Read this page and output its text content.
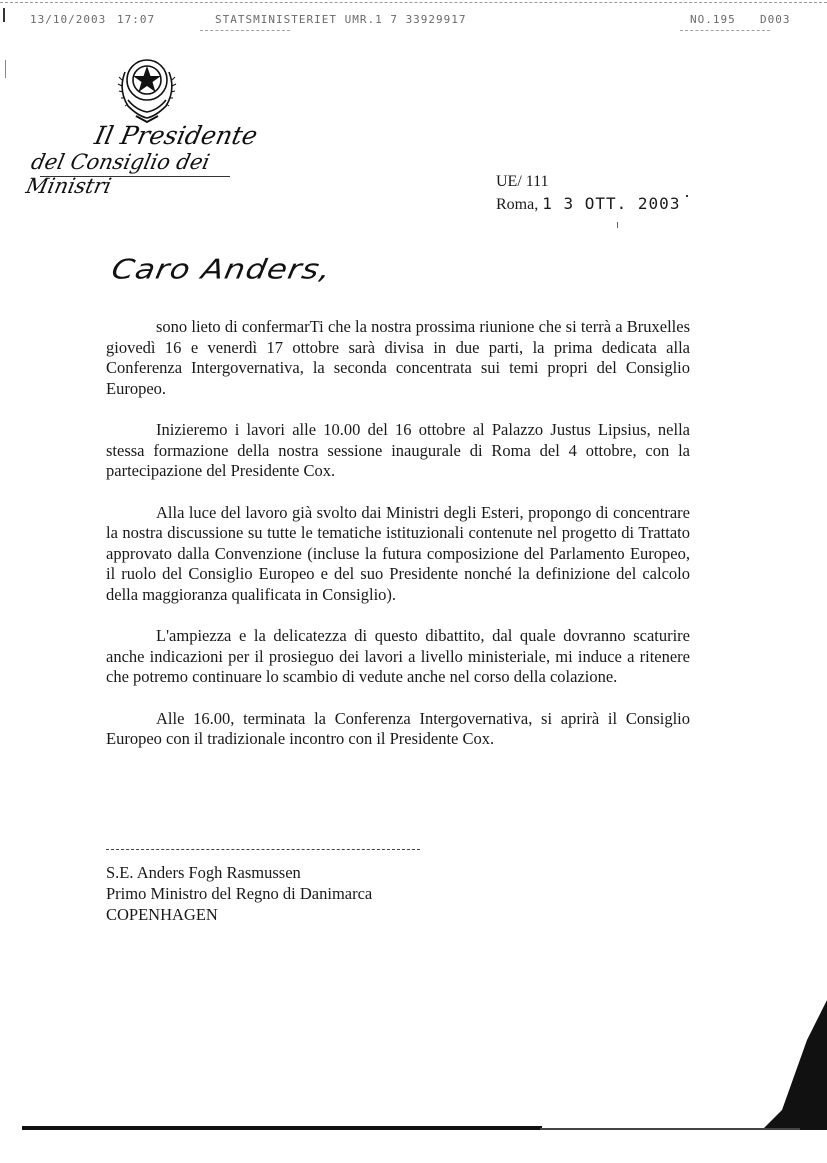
13/10/2003 17:07	STATSMINISTERIET UMR.1 7 33929917	NO.195 D003
Il Presidente
del Consiglio dei Ministri	UE/ 111
Roma, 1 3 OTT. 2003
Caro Anders,

sono lieto di confermarTi che la nostra prossima riunione che si terrà a Bruxelles giovedì 16 e venerdì 17 ottobre sarà divisa in due parti, la prima dedicata alla Conferenza Intergovernativa, la seconda concentrata sui temi propri del Consiglio Europeo.

Inizieremo i lavori alle 10.00 del 16 ottobre al Palazzo Justus Lipsius, nella stessa formazione della nostra sessione inaugurale di Roma del 4 ottobre, con la partecipazione del Presidente Cox.

Alla luce del lavoro già svolto dai Ministri degli Esteri, propongo di concentrare la nostra discussione su tutte le tematiche istituzionali contenute nel progetto di Trattato approvato dalla Convenzione (incluse la futura composizione del Parlamento Europeo, il ruolo del Consiglio Europeo e del suo Presidente nonché la definizione del calcolo della maggioranza qualificata in Consiglio).

L'ampiezza e la delicatezza di questo dibattito, dal quale dovranno scaturire anche indicazioni per il prosieguo dei lavori a livello ministeriale, mi induce a ritenere che potremo continuare lo scambio di vedute anche nel corso della colazione.

Alle 16.00, terminata la Conferenza Intergovernativa, si aprirà il Consiglio Europeo con il tradizionale incontro con il Presidente Cox.

S.E. Anders Fogh Rasmussen
Primo Ministro del Regno di Danimarca
COPENHAGEN
